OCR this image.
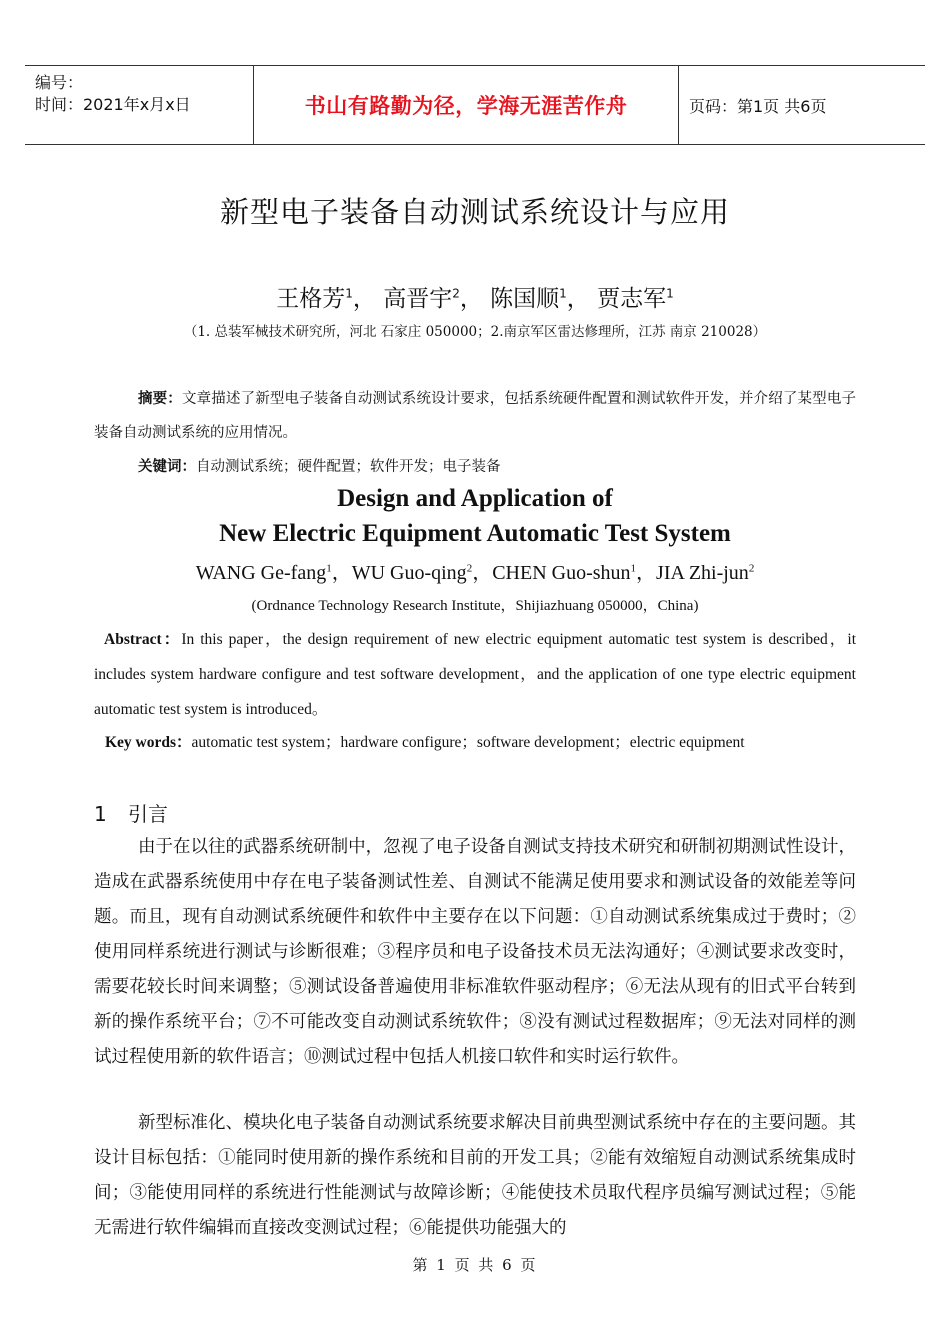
编号：
时间：2021年x月x日	书山有路勤为径，学海无涯苦作舟	页码：第1页 共6页
新型电子装备自动测试系统设计与应用
王格芳$^1$， 高晋宇$^2$， 陈国顺$^1$， 贾志军$^1$
（1. 总装军械技术研究所，河北 石家庄 050000；2.南京军区雷达修理所，江苏 南京 210028）
摘要：文章描述了新型电子装备自动测试系统设计要求，包括系统硬件配置和测试软件开发，并介绍了某型电子装备自动测试系统的应用情况。
关键词：自动测试系统；硬件配置；软件开发；电子装备
Design and Application of
New Electric Equipment Automatic Test System
WANG Ge-fang$^1$，WU Guo-qing$^2$，CHEN Guo-shun$^1$，JIA Zhi-jun$^2$
(Ordnance Technology Research Institute，Shijiazhuang 050000，China)
Abstract：In this paper，the design requirement of new electric equipment automatic test system is described，it includes system hardware configure and test software development，and the application of one type electric equipment automatic test system is introduced。
Key words：automatic test system；hardware configure；software development；electric equipment
1 引言
由于在以往的武器系统研制中，忽视了电子设备自测试支持技术研究和研制初期测试性设计，造成在武器系统使用中存在电子装备测试性差、自测试不能满足使用要求和测试设备的效能差等问题。而且，现有自动测试系统硬件和软件中主要存在以下问题：①自动测试系统集成过于费时；②使用同样系统进行测试与诊断很难；③程序员和电子设备技术员无法沟通好；④测试要求改变时，需要花较长时间来调整；⑤测试设备普遍使用非标准软件驱动程序；⑥无法从现有的旧式平台转到新的操作系统平台；⑦不可能改变自动测试系统软件；⑧没有测试过程数据库；⑨无法对同样的测试过程使用新的软件语言；⑩测试过程中包括人机接口软件和实时运行软件。
新型标准化、模块化电子装备自动测试系统要求解决目前典型测试系统中存在的主要问题。其设计目标包括：①能同时使用新的操作系统和目前的开发工具；②能有效缩短自动测试系统集成时间；③能使用同样的系统进行性能测试与故障诊断；④能使技术员取代程序员编写测试过程；⑤能无需进行软件编辑而直接改变测试过程；⑥能提供功能强大的
第 1 页 共 6 页
